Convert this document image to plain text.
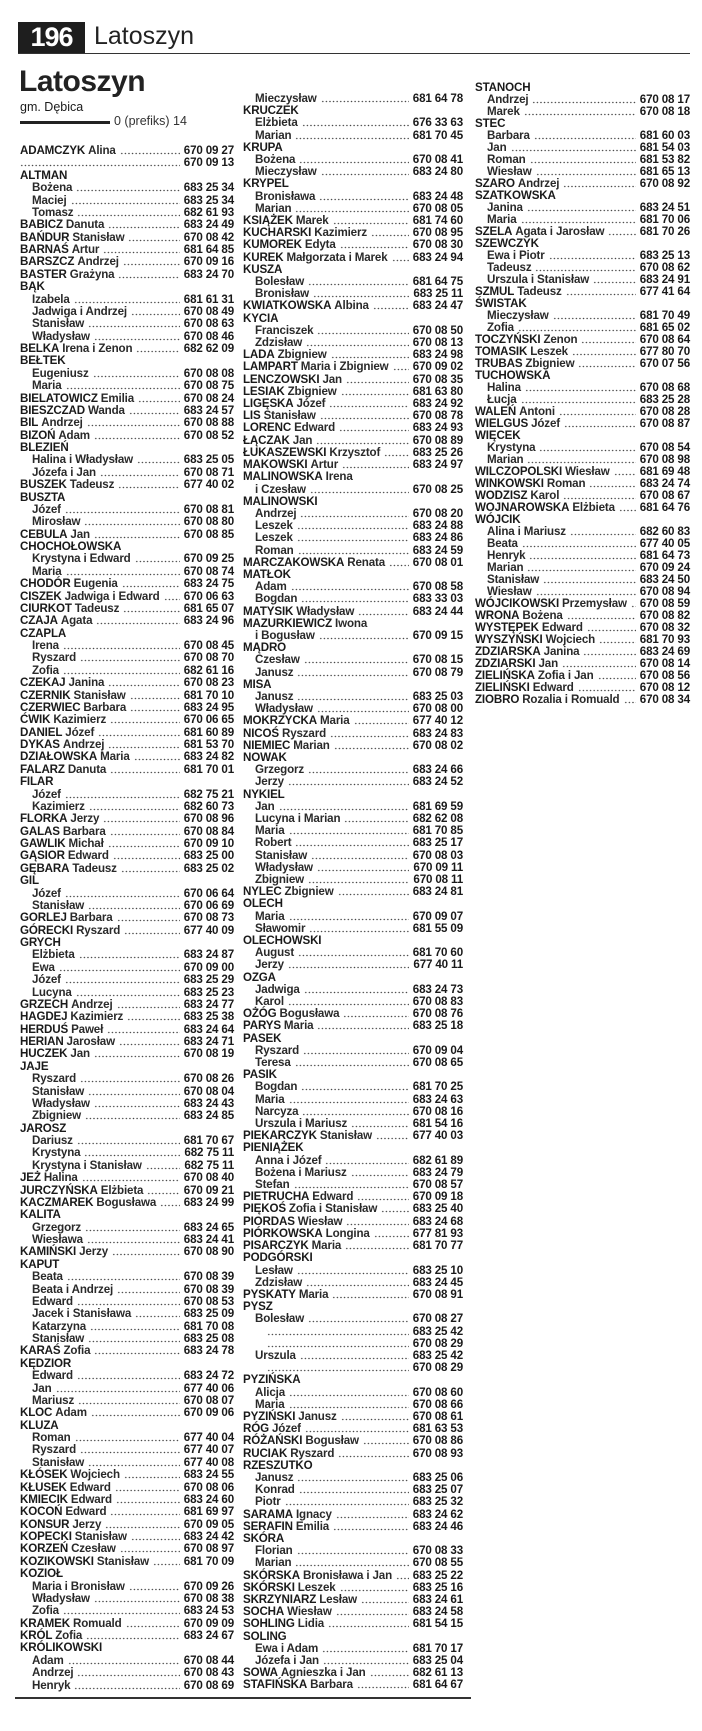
196 Latoszyn
Latoszyn
gm. Dębica
0 (prefiks) 14
ADAMCZYK Alina	670 09 27
670 09 13
ALTMAN
Bożena	683 25 34
Maciej	683 25 34
Tomasz	682 61 93
BABICZ Danuta	683 24 49
BAŃDUR Stanisław	670 08 42
BARNAŚ Artur	681 64 85
BARSZCZ Andrzej	670 09 16
BASTER Grażyna	683 24 70
BĄK
Izabela	681 61 31
Jadwiga i Andrzej	670 08 49
Stanisław	670 08 63
Władysław	670 08 46
BELKA Irena i Zenon	682 62 09
BEŁTEK
Eugeniusz	670 08 08
Maria	670 08 75
BIELATOWICZ Emilia	670 08 24
BIESZCZAD Wanda	683 24 57
BIL Andrzej	670 08 88
BIZOŃ Adam	670 08 52
BLEZIEŃ
Halina i Władysław	683 25 05
Józefa i Jan	670 08 71
BUSZEK Tadeusz	677 40 02
BUSZTA
Józef	670 08 81
Mirosław	670 08 80
CEBULA Jan	670 08 85
CHOCHOŁOWSKA
Krystyna i Edward	670 09 25
Maria	670 08 74
CHODÓR Eugenia	683 24 75
CISZEK Jadwiga i Edward 670 06 63
CIURKOT Tadeusz	681 65 07
CZAJA Agata	683 24 96
CZAPLA
Irena	670 08 45
Ryszard	670 08 70
Zofia	682 61 16
CZEKAJ Janina	670 08 23
CZERNIK Stanisław	681 70 10
CZERWIEC Barbara	683 24 95
ĆWIK Kazimierz	670 06 65
DANIEL Józef	681 60 89
DYKAS Andrzej	681 53 70
DZIAŁOWSKA Maria	683 24 82
FALARZ Danuta	681 70 01
FILAR
Józef	682 75 21
Kazimierz	682 60 73
FLORKA Jerzy	670 08 96
GALAS Barbara	670 08 84
GAWLIK Michał	670 09 10
GĄSIOR Edward	683 25 00
GĘBARA Tadeusz	683 25 02
GIL
Józef	670 06 64
Stanisław	670 06 69
GORLEJ Barbara	670 08 73
GÓRECKI Ryszard	677 40 09
GRYCH
Elżbieta	683 24 87
Ewa	670 09 00
Józef	683 25 29
Lucyna	683 25 23
GRZECH Andrzej	683 24 77
HAGDEJ Kazimierz	683 25 38
HERDUŚ Paweł	683 24 64
HERIAN Jarosław	683 24 71
HUCZEK Jan	670 08 19
JAJE
Ryszard	670 08 26
Stanisław	670 08 04
Władysław	683 24 43
Zbigniew	683 24 85
JAROSZ
Dariusz	681 70 67
Krystyna	682 75 11
Krystyna i Stanisław	682 75 11
JEŻ Halina	670 08 40
JURCZYŃSKA Elżbieta	670 09 21
KACZMAREK Bogusława 683 24 99
KALITA
Grzegorz	683 24 65
Wiesława	683 24 41
KAMIŃSKI Jerzy	670 08 90
KAPUT
Beata	670 08 39
Beata i Andrzej	670 08 39
Edward	670 08 53
Jacek i Stanisława	683 25 09
Katarzyna	681 70 08
Stanisław	683 25 08
KARAŚ Zofia	683 24 78
KĘDZIOR
Edward	683 24 72
Jan	677 40 06
Mariusz	670 08 07
KLOC Adam	670 09 06
KLUZA
Roman	677 40 04
Ryszard	677 40 07
Stanisław	677 40 08
KŁÓSEK Wojciech	683 24 55
KŁUSEK Edward	670 08 06
KMIECIK Edward	683 24 60
KOCOŃ Edward	681 69 97
KONSUR Jerzy	670 09 05
KOPECKI Stanisław	683 24 42
KORZEŃ Czesław	670 08 97
KOZIKOWSKI Stanisław	681 70 09
KOZIOŁ
Maria i Bronisław	670 09 26
Władysław	670 08 38
Zofia	683 24 53
KRAMEK Romuald	670 09 09
KRÓL Zofia	683 24 67
KRÓLIKOWSKI
Adam	670 08 44
Andrzej	670 08 43
Henryk	670 08 69
Mieczysław	681 64 78
KRUCZEK
Elżbieta	676 33 63
Marian	681 70 45
KRUPA
Bożena	670 08 41
Mieczysław	683 24 80
KRYPEL
Bronisława	683 24 48
Marian	670 08 05
KSIĄŻEK Marek	681 74 60
KUCHARSKI Kazimierz	670 08 95
KUMOREK Edyta	670 08 30
KUREK Małgorzata i Marek 683 24 94
KUSZA
Bolesław	681 64 75
Bronisław	683 25 11
KWIATKOWSKA Albina	683 24 47
KYCIA
Franciszek	670 08 50
Zdzisław	670 08 13
LADA Zbigniew	683 24 98
LAMPART Maria i Zbigniew 670 09 02
LENCZOWSKI Jan	670 08 35
LESIAK Zbigniew	681 63 80
LIGĘSKA Józef	683 24 92
LIS Stanisław	670 08 78
LORENC Edward	683 24 93
ŁĄCZAK Jan	670 08 89
ŁUKASZEWSKI Krzysztof	683 25 26
MAKOWSKI Artur	683 24 97
MALINOWSKA Irena
i Czesław	670 08 25
MALINOWSKI
Andrzej	670 08 20
Leszek	683 24 88
Leszek	683 24 86
Roman	683 24 59
MARCZAKOWSKA Renata 670 08 01
MATŁOK
Adam	670 08 58
Bogdan	683 33 03
MATYSIK Władysław	683 24 44
MAZURKIEWICZ Iwona
i Bogusław	670 09 15
MĄDRO
Czesław	670 08 15
Janusz	670 08 79
MISA
Janusz	683 25 03
Władysław	670 08 00
MOKRZYCKA Maria	677 40 12
NICOŚ Ryszard	683 24 83
NIEMIEC Marian	670 08 02
NOWAK
Grzegorz	683 24 66
Jerzy	683 24 52
NYKIEL
Jan	681 69 59
Lucyna i Marian	682 62 08
Maria	681 70 85
Robert	683 25 17
Stanisław	670 08 03
Władysław	670 09 11
Zbigniew	670 08 11
NYLEC Zbigniew	683 24 81
OLECH
Maria	670 09 07
Sławomir	681 55 09
OLECHOWSKI
August	681 70 60
Jerzy	677 40 11
OZGA
Jadwiga	683 24 73
Karol	670 08 83
OŻÓG Bogusława	670 08 76
PARYS Maria	683 25 18
PASEK
Ryszard	670 09 04
Teresa	670 08 65
PASIK
Bogdan	681 70 25
Maria	683 24 63
Narcyza	670 08 16
Urszula i Mariusz	681 54 16
PIEKARCZYK Stanisław	677 40 03
PIENIĄŻEK
Anna i Józef	682 61 89
Bożena i Mariusz	683 24 79
Stefan	670 08 57
PIETRUCHA Edward	670 09 18
PIĘKOŚ Zofia i Stanisław	683 25 40
PIORDAS Wiesław	683 24 68
PIÓRKOWSKA Longina	677 81 93
PISARCZYK Maria	681 70 77
PODGÓRSKI
Lesław	683 25 10
Zdzisław	683 24 45
PYSKATY Maria	670 08 91
PYSZ
Bolesław	670 08 27
683 25 42
670 08 29
Urszula	683 25 42
670 08 29
PYZIŃSKA
Alicja	670 08 60
Maria	670 08 66
PYZIŃSKI Janusz	670 08 61
RÓG Józef	681 63 53
RÓŻAŃSKI Bogusław	670 08 86
RUCIAK Ryszard	670 08 93
RZESZUTKO
Janusz	683 25 06
Konrad	683 25 07
Piotr	683 25 32
SARAMA Ignacy	683 24 62
SERAFIN Emilia	683 24 46
SKÓRA
Florian	670 08 33
Marian	670 08 55
SKÓRSKA Bronisława i Jan 683 25 22
SKÓRSKI Leszek	683 25 16
SKRZYNIARZ Lesław	683 24 61
SOCHA Wiesław	683 24 58
SOHLING Lidia	681 54 15
SOLING
Ewa i Adam	681 70 17
Józefa i Jan	683 25 04
SOWA Agnieszka i Jan	682 61 13
STAFIŃSKA Barbara	681 64 67
STANOCH
Andrzej	670 08 17
Marek	670 08 18
STEC
Barbara	681 60 03
Jan	681 54 03
Roman	681 53 82
Wiesław	681 65 13
SZARO Andrzej	670 08 92
SZATKOWSKA
Janina	683 24 51
Maria	681 70 06
SZELA Agata i Jarosław	681 70 26
SZEWCZYK
Ewa i Piotr	683 25 13
Tadeusz	670 08 62
Urszula i Stanisław	683 24 91
SZMUL Tadeusz	677 41 64
ŚWISTAK
Mieczysław	681 70 49
Zofia	681 65 02
TOCZYŃSKI Zenon	670 08 64
TOMASIK Leszek	677 80 70
TRUBAS Zbigniew	670 07 56
TUCHOWSKA
Halina	670 08 68
Łucja	683 25 28
WALEŃ Antoni	670 08 28
WIELGUS Józef	670 08 87
WIĘCEK
Krystyna	670 08 54
Marian	670 08 98
WILCZOPOLSKI Wiesław	681 69 48
WINKOWSKI Roman	683 24 74
WODZISZ Karol	670 08 67
WOJNAROWSKA Elżbieta 681 64 76
WÓJCIK
Alina i Mariusz	682 60 83
Beata	677 40 05
Henryk	681 64 73
Marian	670 09 24
Stanisław	683 24 50
Wiesław	670 08 94
WÓJCIKOWSKI Przemysław 670 08 59
WRONA Bożena	670 08 82
WYSTĘPEK Edward	670 08 32
WYSZYŃSKI Wojciech	681 70 93
ZDZIARSKA Janina	683 24 69
ZDZIARSKI Jan	670 08 14
ZIELIŃSKA Zofia i Jan	670 08 56
ZIELIŃSKI Edward	670 08 12
ZIOBRO Rozalia i Romuald 670 08 34
